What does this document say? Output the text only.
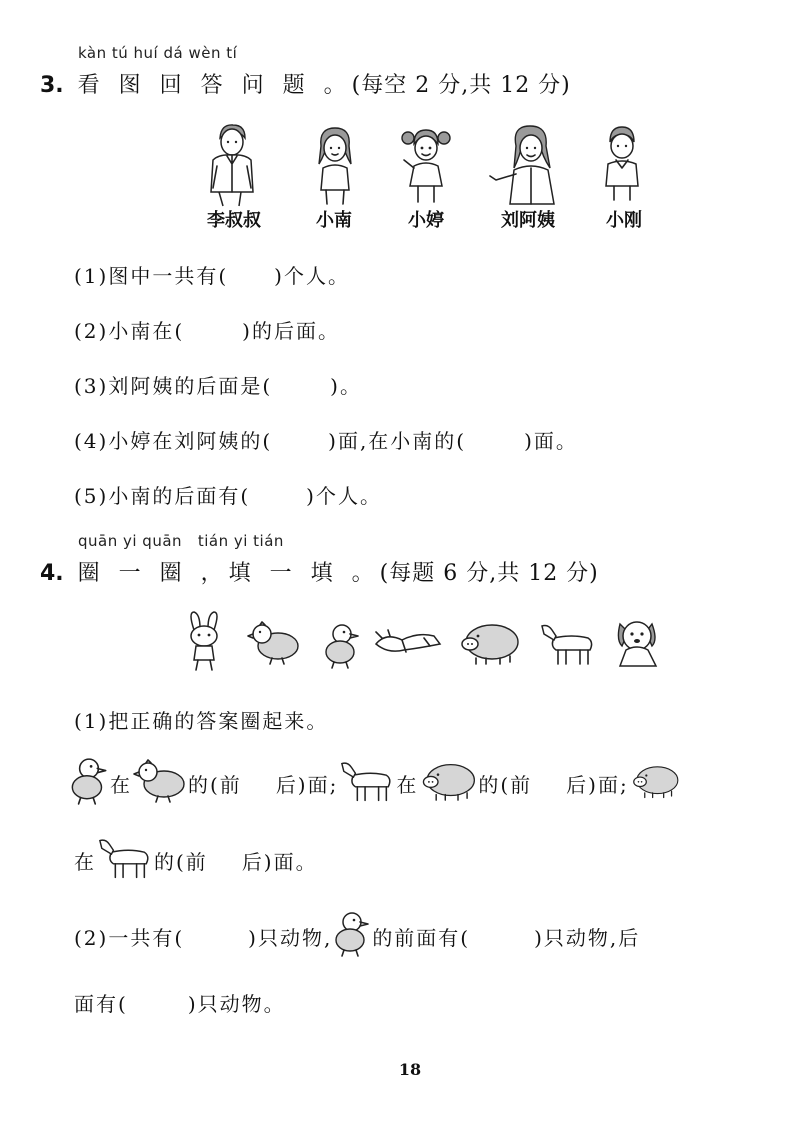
kàn tú huí dá wèn tí
3. 看 图 回 答 问 题 。(每空 2 分,共 12 分)
李叔叔	小南	小婷	刘阿姨	小刚
(1)图中一共有( )个人。
(2)小南在(	)的后面。
(3)刘阿姨的后面是(	)。
(4)小婷在刘阿姨的(	)面,在小南的(	)面。
(5)小南的后面有(	)个人。
quān yi quān   tián yi tián
4. 圈 一 圈 ，填 一 填 。(每题 6 分,共 12 分)
(1)把正确的答案圈起来。
在	的(前 后)面;	在	的(前 后)面;
在	的(前 后)面。
(2)一共有(	)只动物, 的前面有(	)只动物,后
面有(	)只动物。
18
